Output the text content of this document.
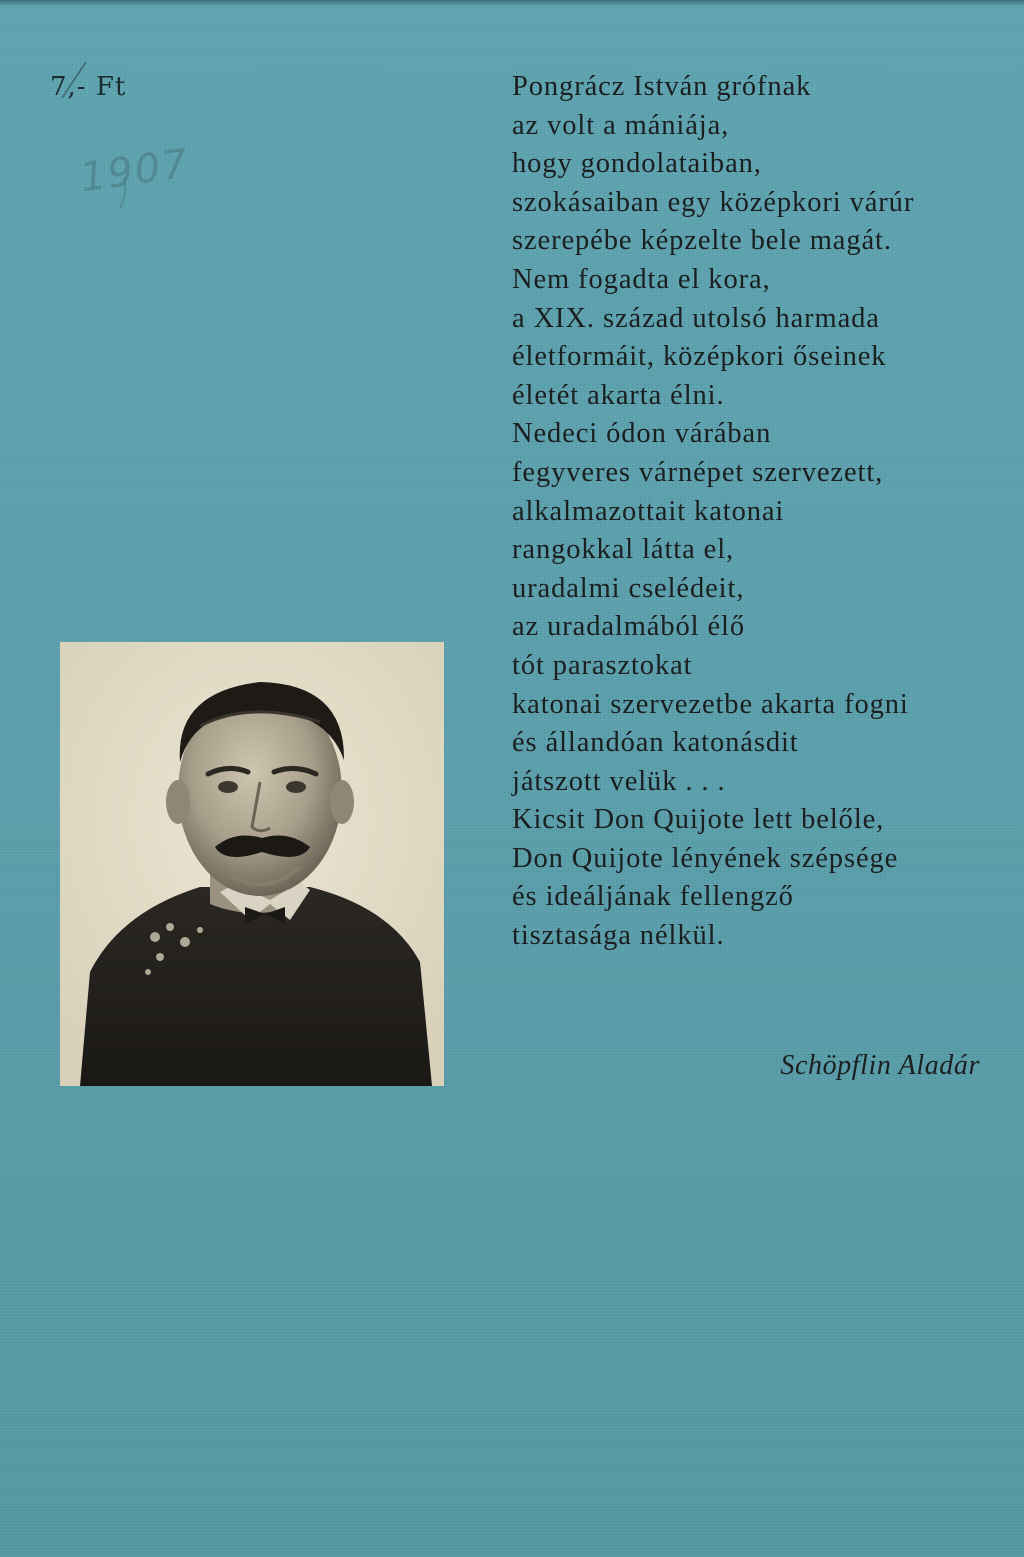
7,- Ft
1907
Pongrácz István grófnak
az volt a mániája,
hogy gondolataiban,
szokásaiban egy középkori várúr
szerepébe képzelte bele magát.
Nem fogadta el kora,
a XIX. század utolsó harmada
életformáit, középkori őseinek
életét akarta élni.
Nedeci ódon várában
fegyveres várnépet szervezett,
alkalmazottait katonai
rangokkal látta el,
uradalmi cselédeit,
az uradalmából élő
tót parasztokat
katonai szervezetbe akarta fogni
és állandóan katonásdit
játszott velük . . .
Kicsit Don Quijote lett belőle,
Don Quijote lényének szépsége
és ideáljának fellengző
tisztasága nélkül.
Schöpflin Aladár
